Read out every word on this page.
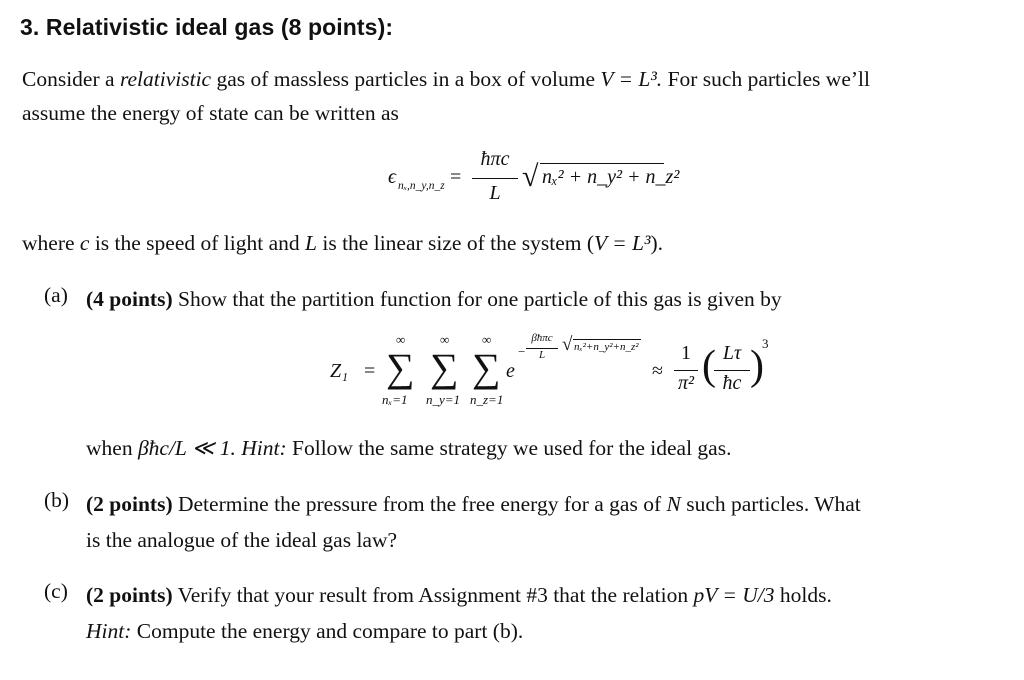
3. Relativistic ideal gas (8 points):
Consider a relativistic gas of massless particles in a box of volume V = L³. For such particles we’ll
assume the energy of state can be written as
ϵ nₓ,n_y,n_z =
ħπc
L √ nₓ² + n_y² + n_z²
where c is the speed of light and L is the linear size of the system (V = L³).
(a) (4 points) Show that the partition function for one particle of this gas is given by
Z₁ =
∞
∑
nₓ=1
∞
∑
n_y=1
∞
∑
n_z=1
e
−
βħπc
L √ nₓ²+n_y²+n_z²
≈
1
π² ( Lτ
ħc )
3
when βħc/L ≪ 1. Hint: Follow the same strategy we used for the ideal gas.
(b) (2 points) Determine the pressure from the free energy for a gas of N such particles. What
is the analogue of the ideal gas law?
(c) (2 points) Verify that your result from Assignment #3 that the relation pV = U/3 holds.
Hint: Compute the energy and compare to part (b).
